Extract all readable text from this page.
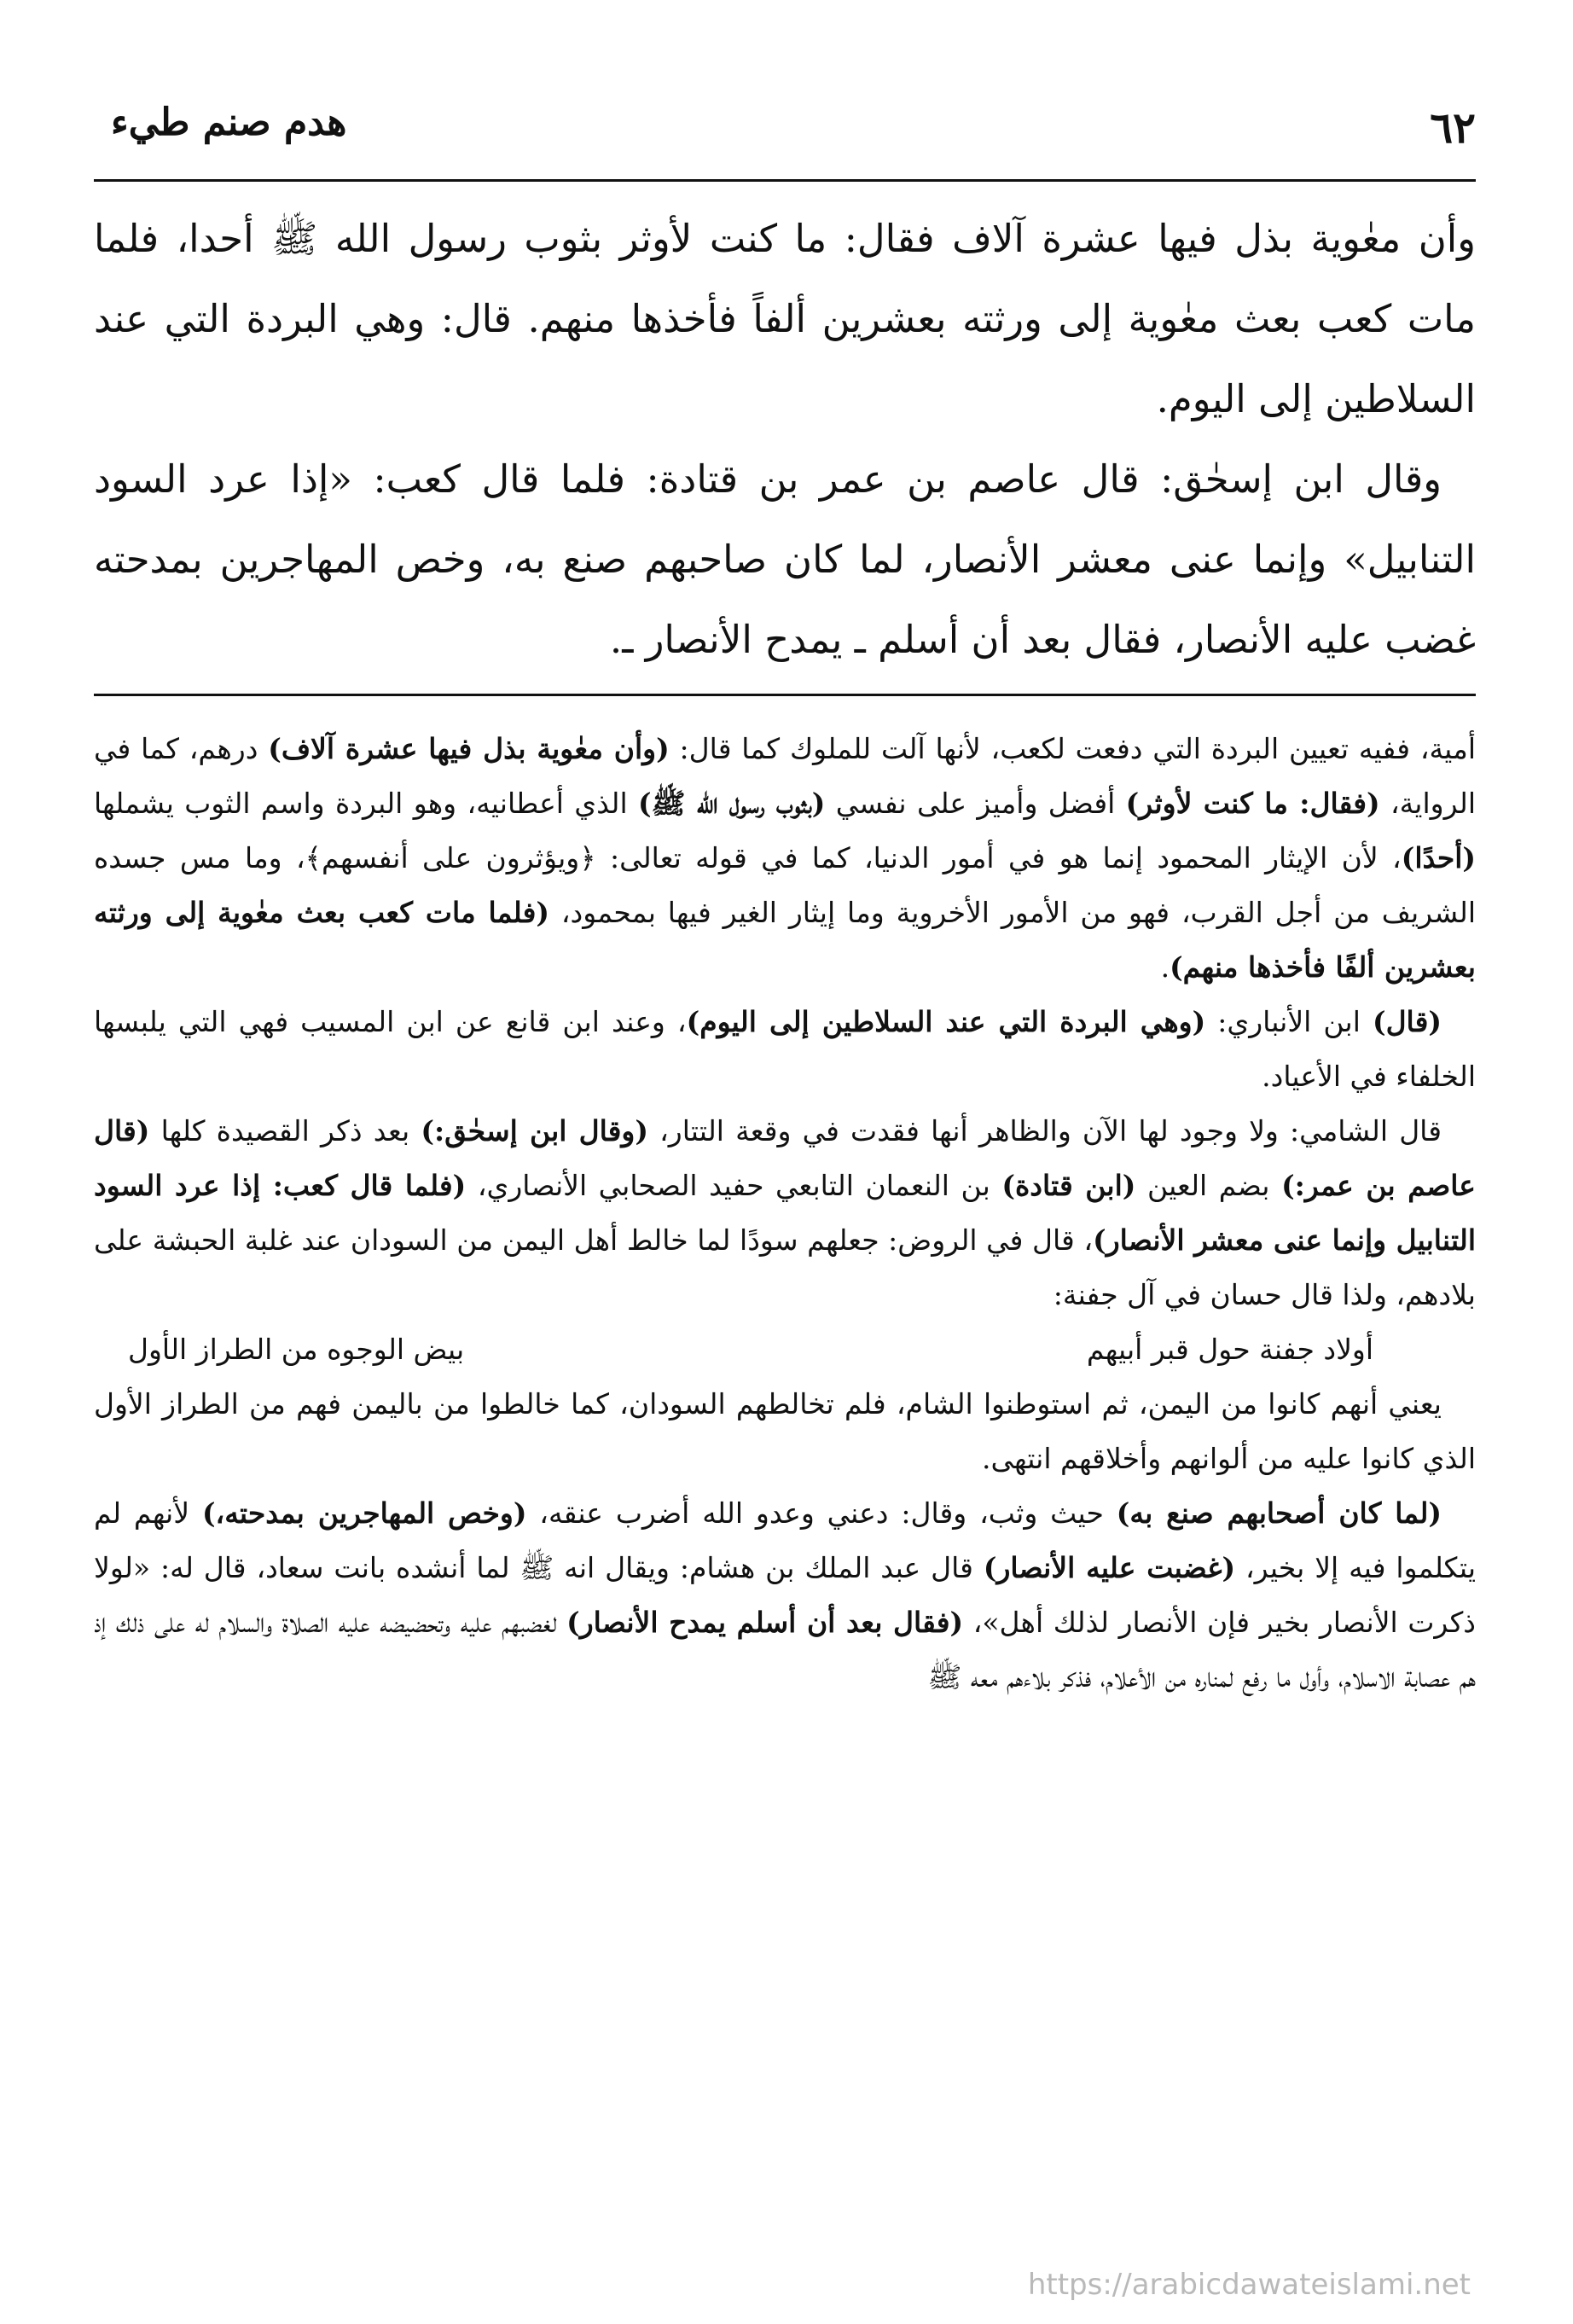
٦٢
هدم صنم طيء

وأن معٰوية بذل فيها عشرة آلاف فقال: ما كنت لأوثر بثوب رسول الله ﷺ أحدا، فلما مات كعب بعث معٰوية إلى ورثته بعشرين ألفاً فأخذها منهم. قال: وهي البردة التي عند السلاطين إلى اليوم.

وقال ابن إسحٰق: قال عاصم بن عمر بن قتادة: فلما قال كعب: «إذا عرد السود التنابيل» وإنما عنى معشر الأنصار، لما كان صاحبهم صنع به، وخص المهاجرين بمدحته غضب عليه الأنصار، فقال بعد أن أسلم ـ يمدح الأنصار ـ.

أمية، ففيه تعيين البردة التي دفعت لكعب، لأنها آلت للملوك كما قال: (وأن معٰوية بذل فيها عشرة آلاف) درهم، كما في الرواية، (فقال: ما كنت لأوثر) أفضل وأميز على نفسي (بثوب رسول الله ﷺ) الذي أعطانيه، وهو البردة واسم الثوب يشملها (أحدًا)، لأن الإيثار المحمود إنما هو في أمور الدنيا، كما في قوله تعالى: ﴿ويؤثرون على أنفسهم﴾، وما مس جسده الشريف من أجل القرب، فهو من الأمور الأخروية وما إيثار الغير فيها بمحمود، (فلما مات كعب بعث معٰوية إلى ورثته بعشرين ألفًا فأخذها منهم).

(قال) ابن الأنباري: (وهي البردة التي عند السلاطين إلى اليوم)، وعند ابن قانع عن ابن المسيب فهي التي يلبسها الخلفاء في الأعياد.

قال الشامي: ولا وجود لها الآن والظاهر أنها فقدت في وقعة التتار، (وقال ابن إسحٰق:) بعد ذكر القصيدة كلها (قال عاصم بن عمر:) بضم العين (ابن قتادة) بن النعمان التابعي حفيد الصحابي الأنصاري، (فلما قال كعب: إذا عرد السود التنابيل وإنما عنى معشر الأنصار)، قال في الروض: جعلهم سودًا لما خالط أهل اليمن من السودان عند غلبة الحبشة على بلادهم، ولذا قال حسان في آل جفنة:

أولاد جفنة حول قبر أبيهم
بيض الوجوه من الطراز الأول

يعني أنهم كانوا من اليمن، ثم استوطنوا الشام، فلم تخالطهم السودان، كما خالطوا من باليمن فهم من الطراز الأول الذي كانوا عليه من ألوانهم وأخلاقهم انتهى.

(لما كان أصحابهم صنع به) حيث وثب، وقال: دعني وعدو الله أضرب عنقه، (وخص المهاجرين بمدحته،) لأنهم لم يتكلموا فيه إلا بخير، (غضبت عليه الأنصار) قال عبد الملك بن هشام: ويقال انه ﷺ لما أنشده بانت سعاد، قال له: «لولا ذكرت الأنصار بخير فإن الأنصار لذلك أهل»، (فقال بعد أن أسلم يمدح الأنصار) لغضبهم عليه وتحضيضه عليه الصلاة والسلام له على ذلك إذ هم عصابة الاسلام، وأول ما رفع لمناره من الأعلام، فذكر بلاءهم معه ﷺ

https://arabicdawateislami.net
